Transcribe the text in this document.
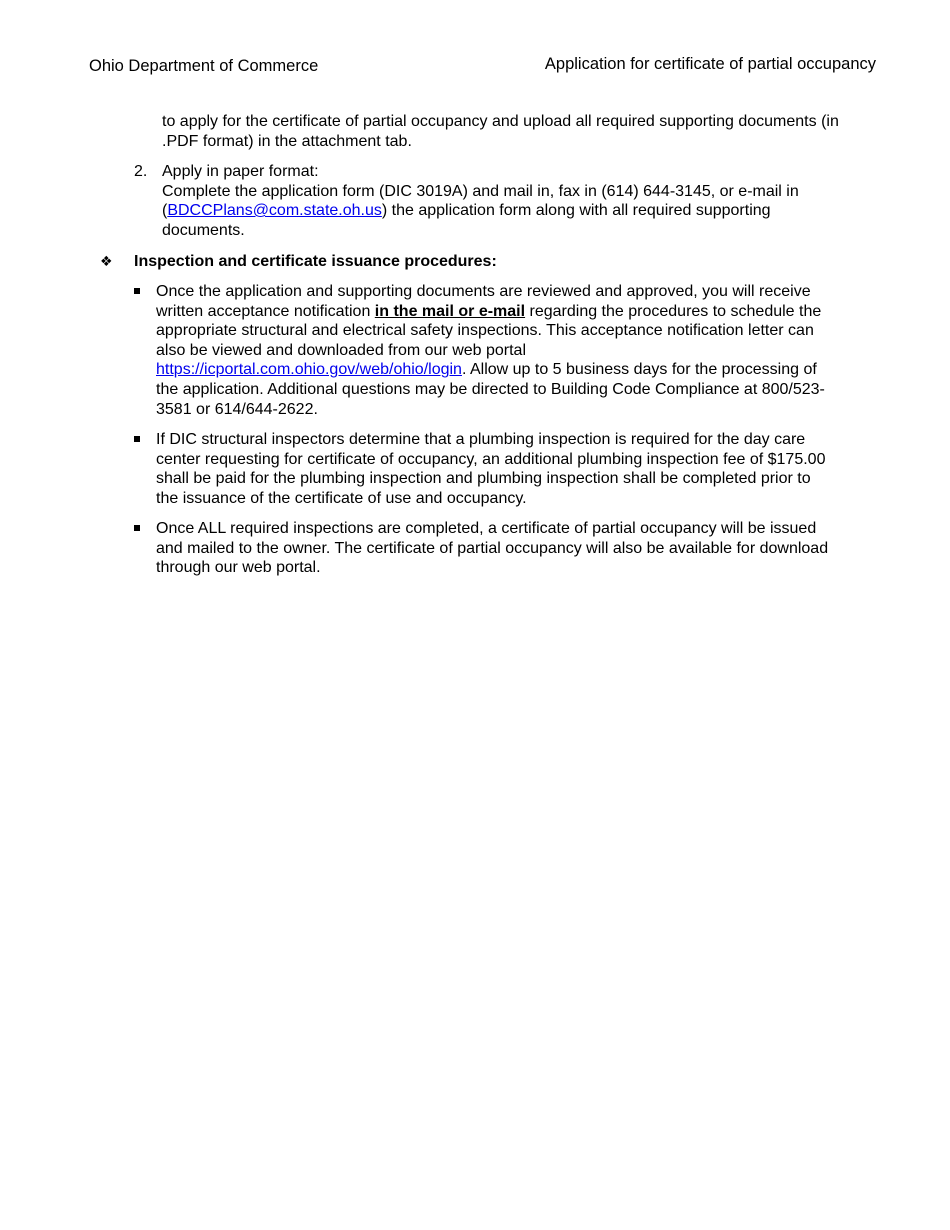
Ohio Department of Commerce	Application for certificate of partial occupancy
to apply for the certificate of partial occupancy and upload all required supporting documents (in .PDF format) in the attachment tab.
2. Apply in paper format:
Complete the application form (DIC 3019A) and mail in, fax in (614) 644-3145, or e-mail in (BDCCPlans@com.state.oh.us) the application form along with all required supporting documents.
❖ Inspection and certificate issuance procedures:
Once the application and supporting documents are reviewed and approved, you will receive written acceptance notification in the mail or e-mail regarding the procedures to schedule the appropriate structural and electrical safety inspections. This acceptance notification letter can also be viewed and downloaded from our web portal https://icportal.com.ohio.gov/web/ohio/login. Allow up to 5 business days for the processing of the application. Additional questions may be directed to Building Code Compliance at 800/523-3581 or 614/644-2622.
If DIC structural inspectors determine that a plumbing inspection is required for the day care center requesting for certificate of occupancy, an additional plumbing inspection fee of $175.00 shall be paid for the plumbing inspection and plumbing inspection shall be completed prior to the issuance of the certificate of use and occupancy.
Once ALL required inspections are completed, a certificate of partial occupancy will be issued and mailed to the owner. The certificate of partial occupancy will also be available for download through our web portal.
